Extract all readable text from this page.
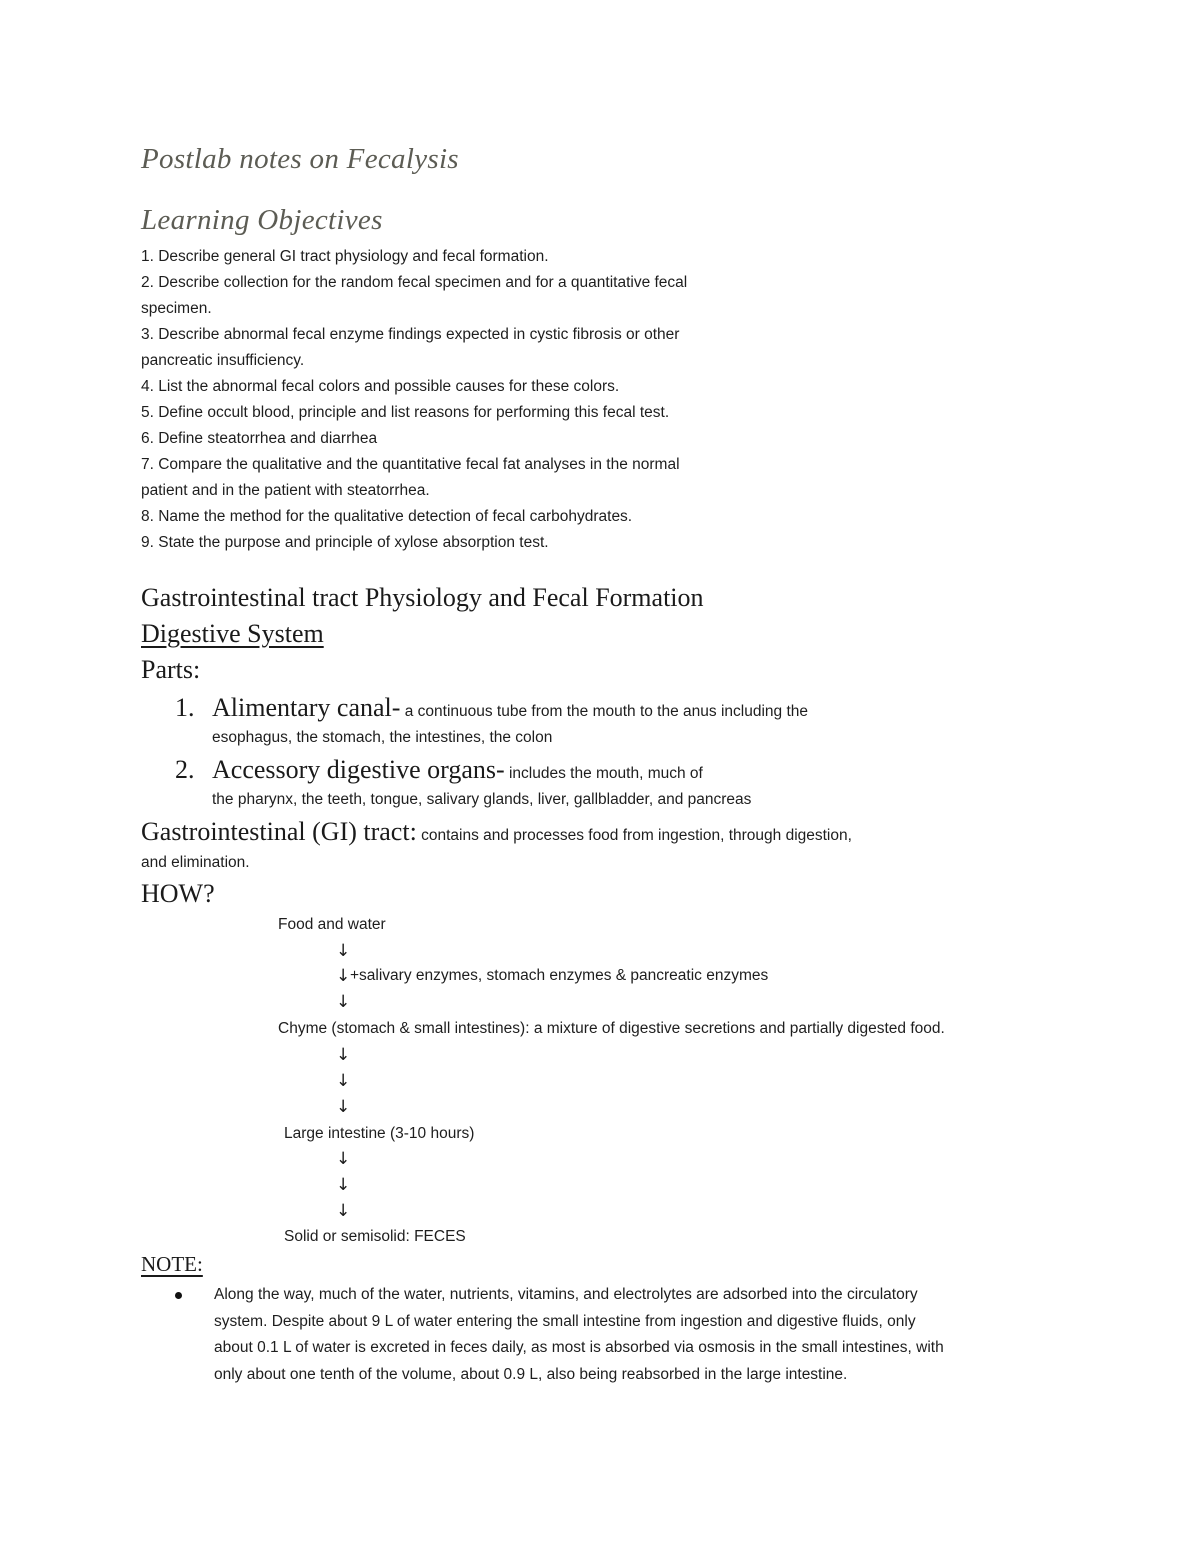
Postlab notes on Fecalysis
Learning Objectives
1. Describe general GI tract physiology and fecal formation.
2. Describe collection for the random fecal specimen and for a quantitative fecal
specimen.
3. Describe abnormal fecal enzyme findings expected in cystic fibrosis or other
pancreatic insufficiency.
4. List the abnormal fecal colors and possible causes for these colors.
5. Define occult blood, principle and list reasons for performing this fecal test.
6. Define steatorrhea and diarrhea
7. Compare the qualitative and the quantitative fecal fat analyses in the normal
patient and in the patient with steatorrhea.
8. Name the method for the qualitative detection of fecal carbohydrates.
9. State the purpose and principle of xylose absorption test.
Gastrointestinal tract Physiology and Fecal Formation
Digestive System
Parts:
1. Alimentary canal- a continuous tube from the mouth to the anus including the
esophagus, the stomach, the intestines, the colon
2. Accessory digestive organs- includes the mouth, much of
the pharynx, the teeth, tongue, salivary glands, liver, gallbladder, and pancreas
Gastrointestinal (GI) tract: contains and processes food from ingestion, through digestion,
and elimination.
HOW?
Food and water
↓
↓ +salivary enzymes, stomach enzymes & pancreatic enzymes
↓
Chyme (stomach & small intestines): a mixture of digestive secretions and partially digested food.
↓
↓
↓
Large intestine (3-10 hours)
↓
↓
↓
Solid or semisolid: FECES
NOTE:
Along the way, much of the water, nutrients, vitamins, and electrolytes are adsorbed into the circulatory
system. Despite about 9 L of water entering the small intestine from ingestion and digestive fluids, only
about 0.1 L of water is excreted in feces daily, as most is absorbed via osmosis in the small intestines, with
only about one tenth of the volume, about 0.9 L, also being reabsorbed in the large intestine.
